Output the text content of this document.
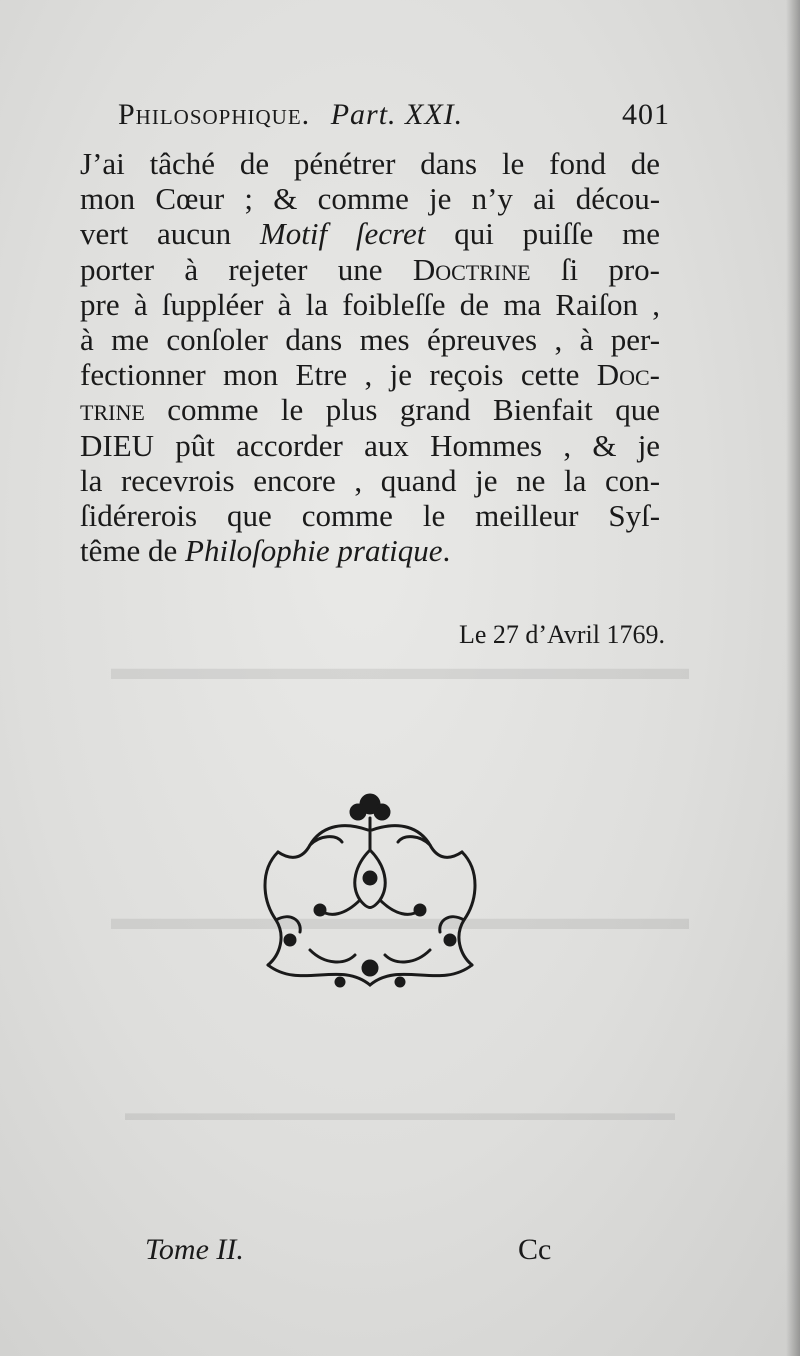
▬▬▬▬▬▬▬▬▬▬▬▬▬▬▬▬▬
▬▬▬▬▬▬▬▬▬▬▬▬▬▬▬▬▬
▬▬▬▬▬▬▬▬▬▬▬▬▬▬▬▬▬▬▬▬▬▬▬▬▬
Philosophique. Part. XXI.	401
J’ai tâché de pénétrer dans le fond de
mon Cœur ; & comme je n’y ai décou-
vert aucun Motif ſecret qui puiſſe me
porter à rejeter une Doctrine ſi pro-
pre à ſuppléer à la foibleſſe de ma Raiſon ,
à me conſoler dans mes épreuves , à per-
fectionner mon Etre , je reçois cette Doc-
trine comme le plus grand Bienfait que
DIEU pût accorder aux Hommes , & je
la recevrois encore , quand je ne la con-
ſidérerois que comme le meilleur Syſ-
tême de Philoſophie pratique.
Le 27 d’Avril 1769.
Tome II.	Cc
